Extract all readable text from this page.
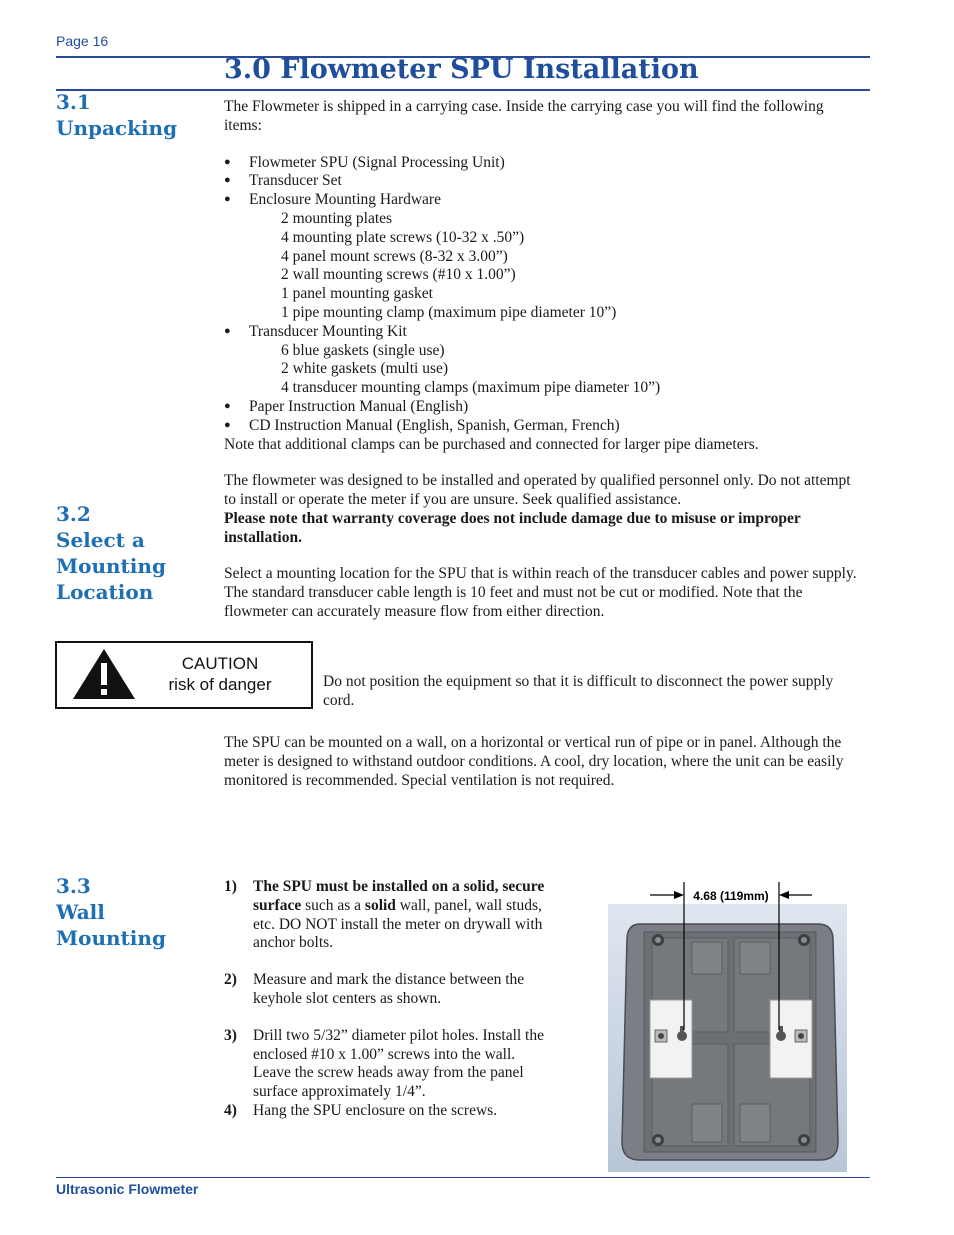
Page 16
3.0 Flowmeter SPU Installation
3.1
Unpacking

The Flowmeter is shipped in a carrying case. Inside the carrying case you will find the following items:

● Flowmeter SPU (Signal Processing Unit)
● Transducer Set
● Enclosure Mounting Hardware
2 mounting plates
4 mounting plate screws (10-32 x .50”)
4 panel mount screws (8-32 x 3.00”)
2 wall mounting screws (#10 x 1.00”)
1 panel mounting gasket
1 pipe mounting clamp (maximum pipe diameter 10”)
● Transducer Mounting Kit
6 blue gaskets (single use)
2 white gaskets (multi use)
4 transducer mounting clamps (maximum pipe diameter 10”)
● Paper Instruction Manual (English)
● CD Instruction Manual (English, Spanish, German, French)

Note that additional clamps can be purchased and connected for larger pipe diameters.

The flowmeter was designed to be installed and operated by qualified personnel only. Do not attempt to install or operate the meter if you are unsure. Seek qualified assistance.

Please note that warranty coverage does not include damage due to misuse or improper installation.

3.2
Select a
Mounting
Location
Select a mounting location for the SPU that is within reach of the transducer cables and power supply. The standard transducer cable length is 10 feet and must not be cut or modified. Note that the flowmeter can accurately measure flow from either direction.
CAUTION
risk of danger	Do not position the equipment so that it is difficult to disconnect the power supply cord.
The SPU can be mounted on a wall, on a horizontal or vertical run of pipe or in panel. Although the meter is designed to withstand outdoor conditions. A cool, dry location, where the unit can be easily monitored is recommended. Special ventilation is not required.
3.3
Wall
Mounting

1) The SPU must be installed on a solid, secure surface such as a solid wall, panel, wall studs, etc. DO NOT install the meter on drywall with anchor bolts.

2) Measure and mark the distance between the keyhole slot centers as shown.

3) Drill two 5/32” diameter pilot holes. Install the enclosed #10 x 1.00” screws into the wall. Leave the screw heads away from the panel surface approximately 1/4”.

4) Hang the SPU enclosure on the screws.

4.68 (119mm)
Ultrasonic Flowmeter
